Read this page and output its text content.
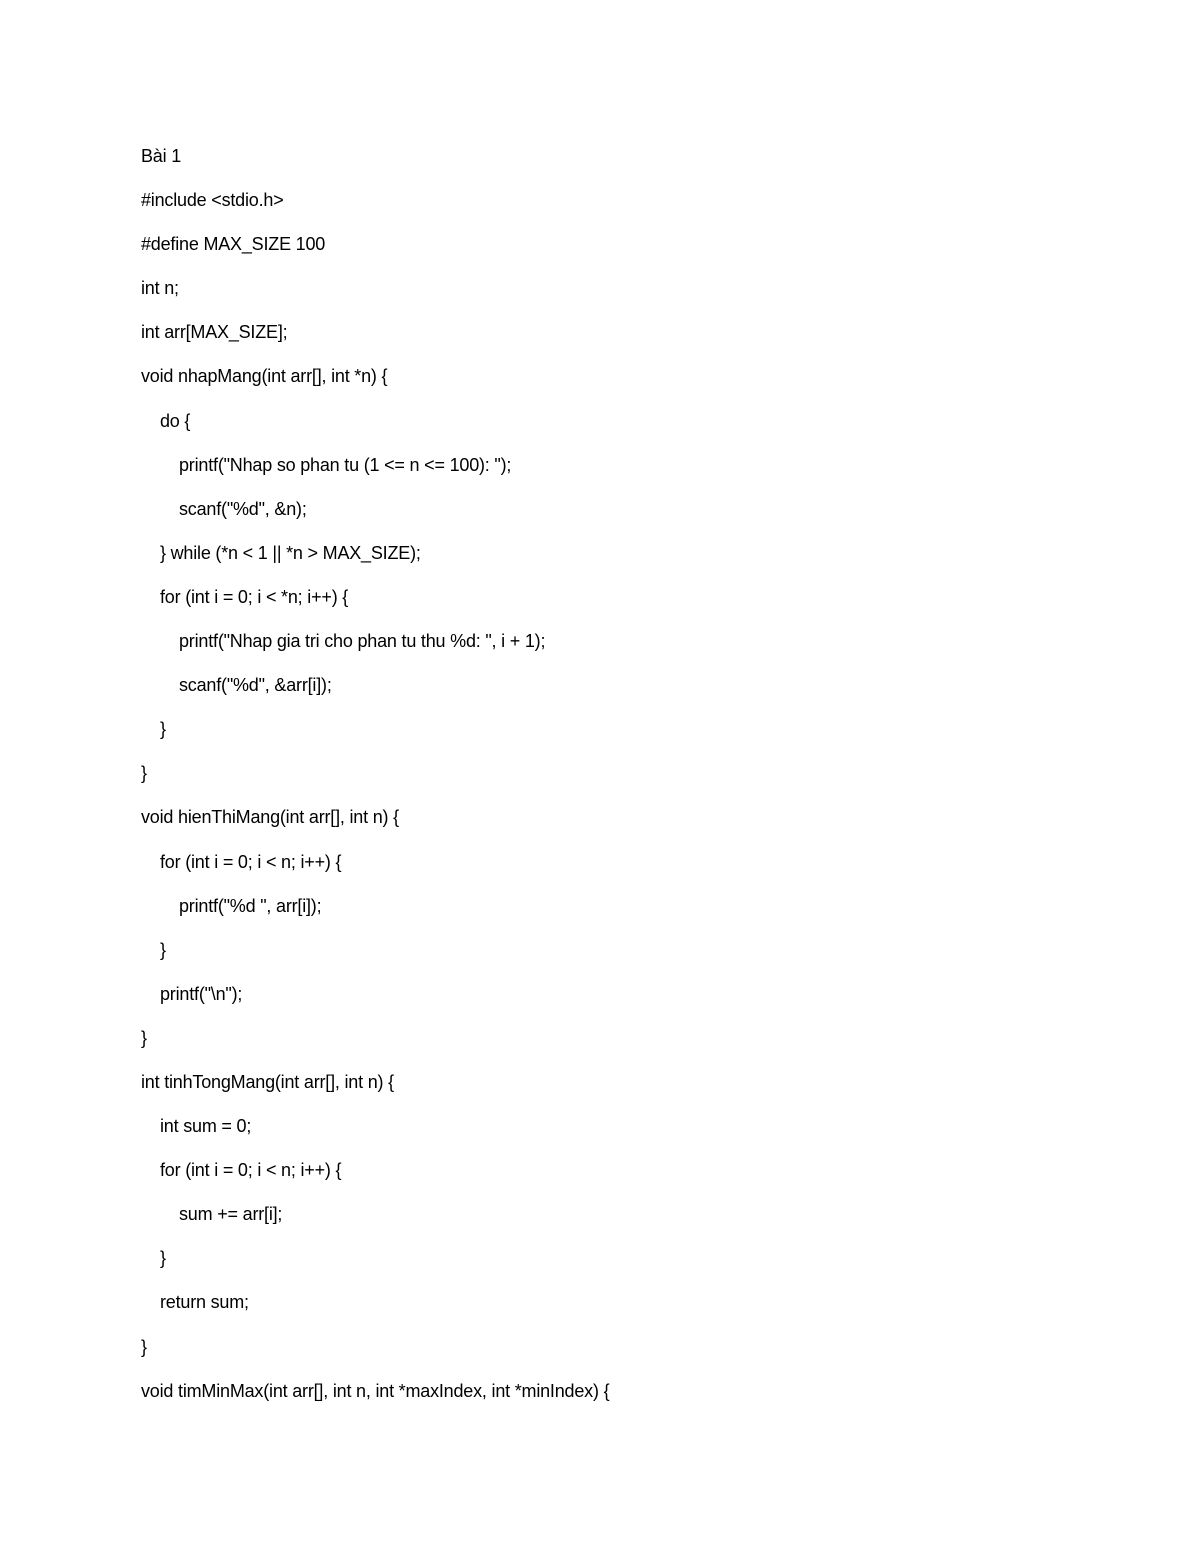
Bài 1
#include <stdio.h>
#define MAX_SIZE 100
int n;
int arr[MAX_SIZE];
void nhapMang(int arr[], int *n) {
do {
printf("Nhap so phan tu (1 <= n <= 100): ");
scanf("%d", &n);
} while (*n < 1 || *n > MAX_SIZE);
for (int i = 0; i < *n; i++) {
printf("Nhap gia tri cho phan tu thu %d: ", i + 1);
scanf("%d", &arr[i]);
}
}
void hienThiMang(int arr[], int n) {
for (int i = 0; i < n; i++) {
printf("%d ", arr[i]);
}
printf("\n");
}
int tinhTongMang(int arr[], int n) {
int sum = 0;
for (int i = 0; i < n; i++) {
sum += arr[i];
}
return sum;
}
void timMinMax(int arr[], int n, int *maxIndex, int *minIndex) {
